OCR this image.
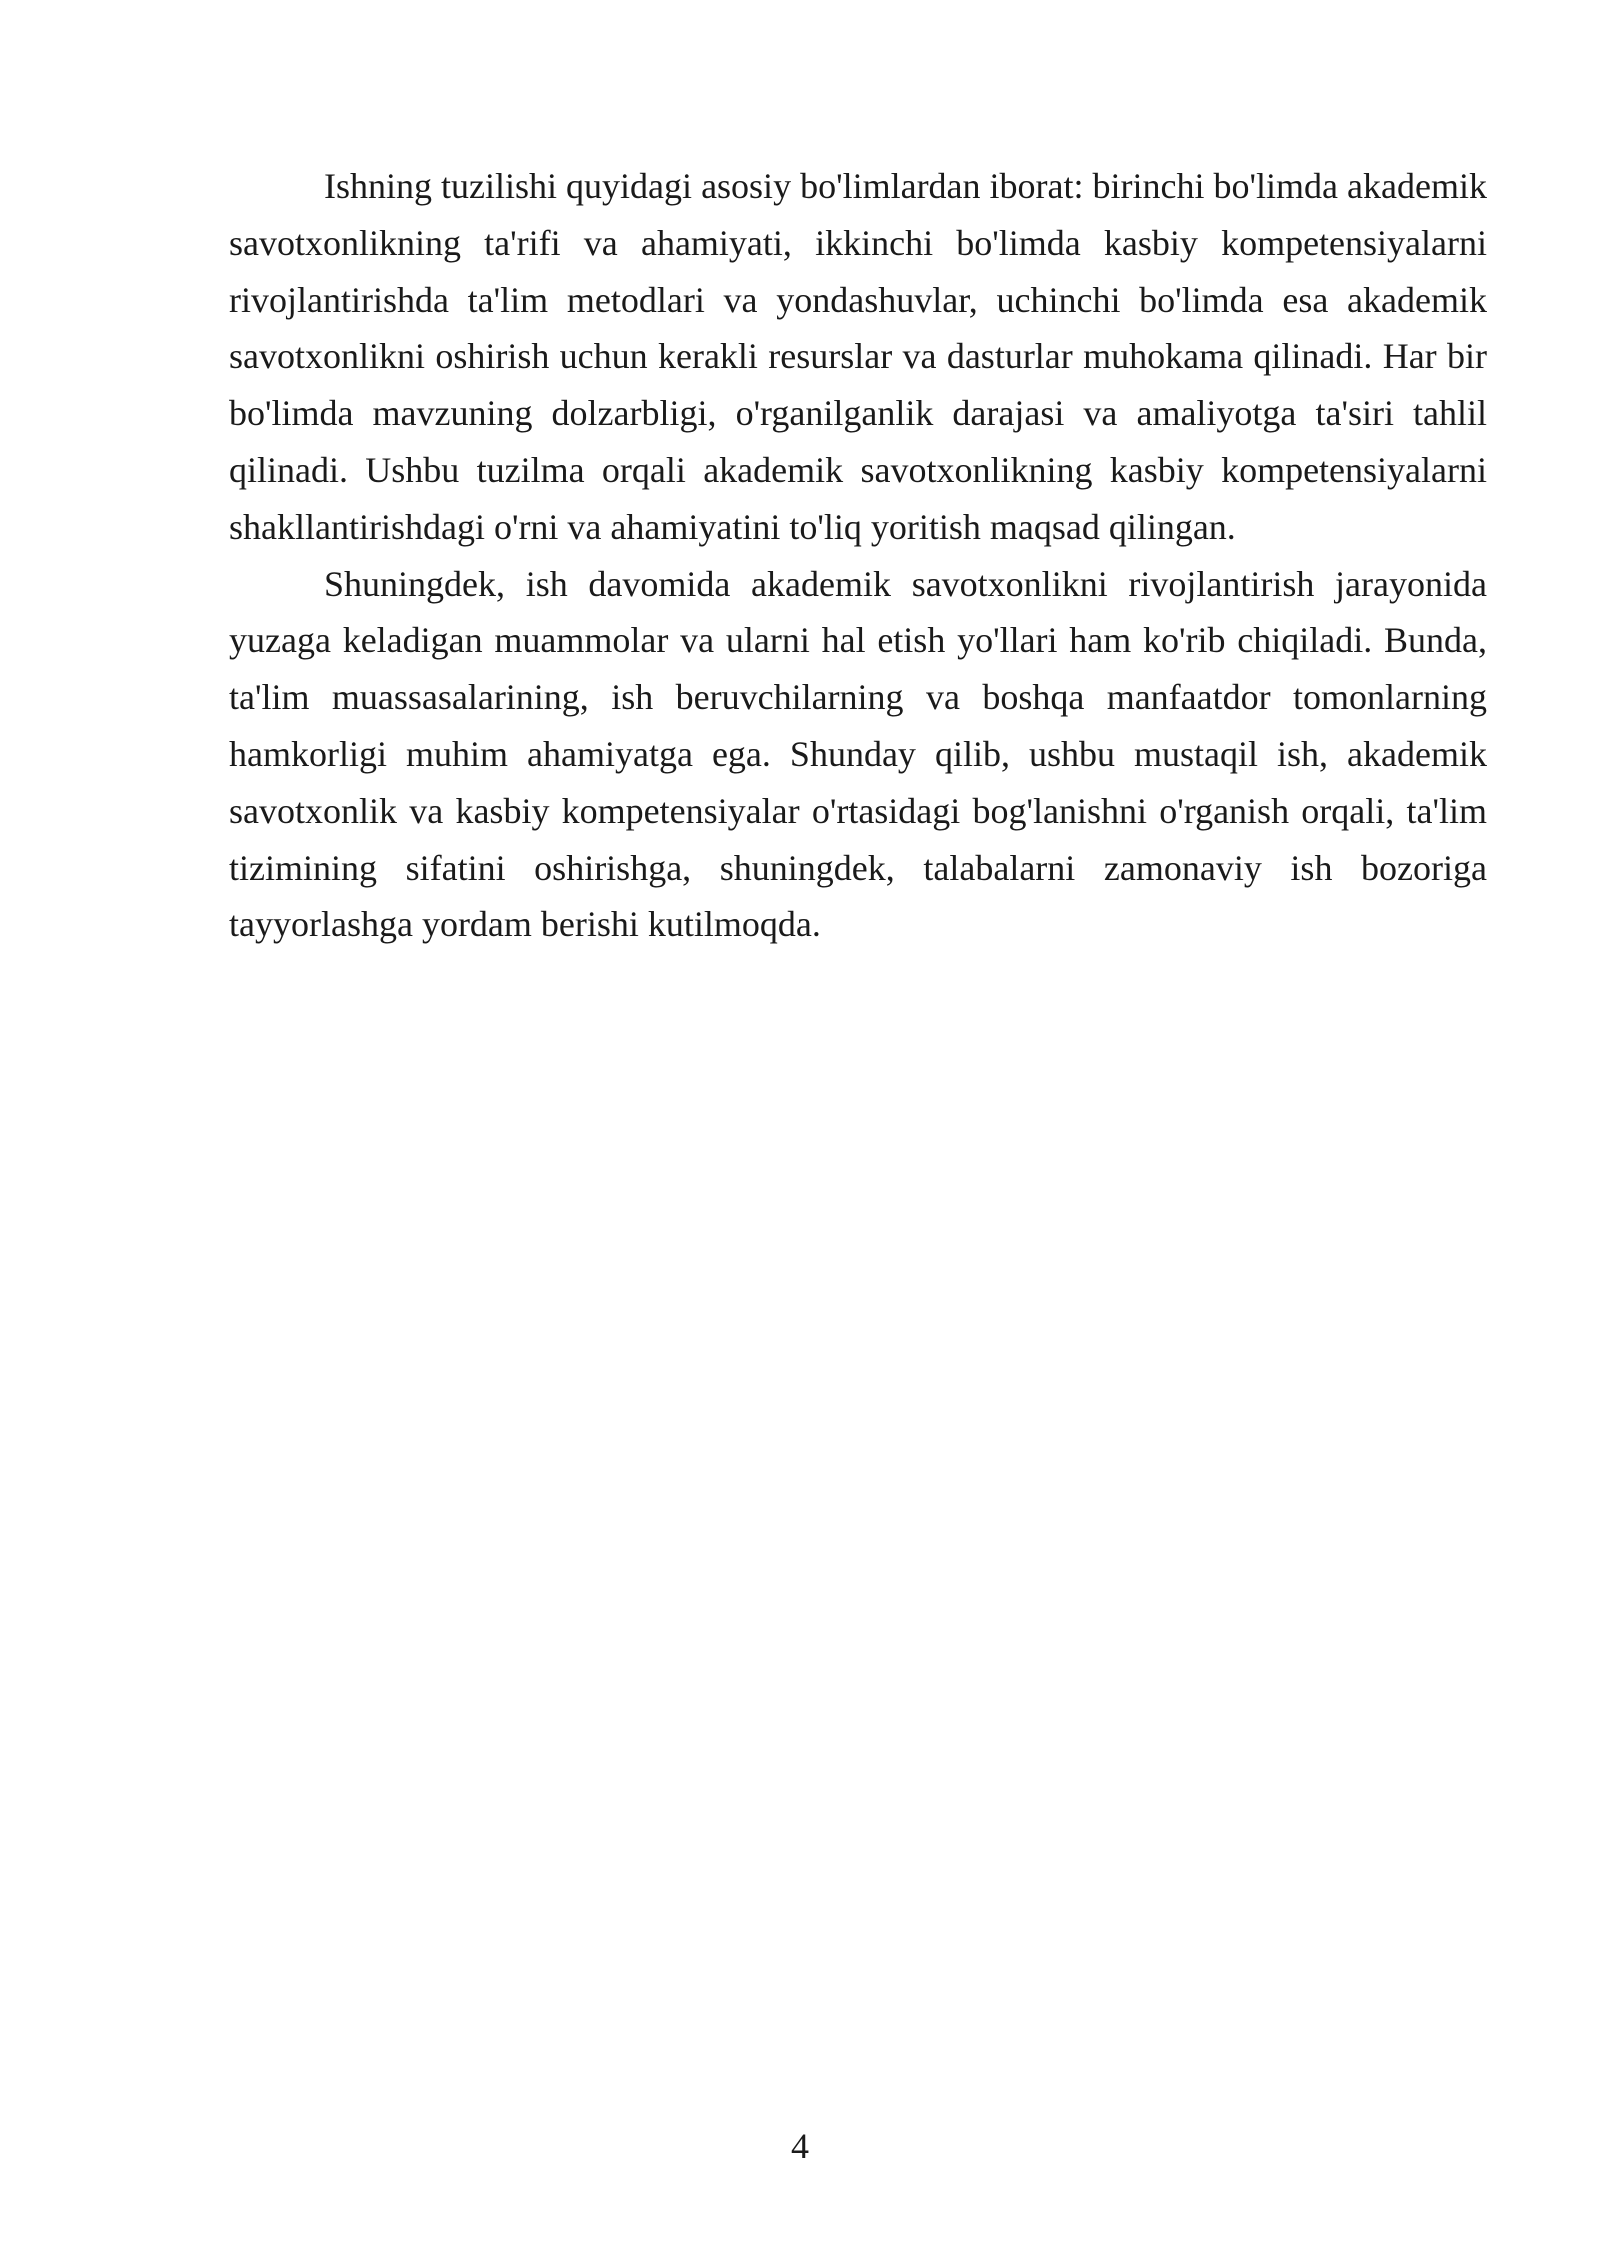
Ishning tuzilishi quyidagi asosiy bo'limlardan iborat: birinchi bo'limda akademik savotxonlikning ta'rifi va ahamiyati, ikkinchi bo'limda kasbiy kompetensiyalarni rivojlantirishda ta'lim metodlari va yondashuvlar, uchinchi bo'limda esa akademik savotxonlikni oshirish uchun kerakli resurslar va dasturlar muhokama qilinadi. Har bir bo'limda mavzuning dolzarbligi, o'rganilganlik darajasi va amaliyotga ta'siri tahlil qilinadi. Ushbu tuzilma orqali akademik savotxonlikning kasbiy kompetensiyalarni shakllantirishdagi o'rni va ahamiyatini to'liq yoritish maqsad qilingan.

Shuningdek, ish davomida akademik savotxonlikni rivojlantirish jarayonida yuzaga keladigan muammolar va ularni hal etish yo'llari ham ko'rib chiqiladi. Bunda, ta'lim muassasalarining, ish beruvchilarning va boshqa manfaatdor tomonlarning hamkorligi muhim ahamiyatga ega. Shunday qilib, ushbu mustaqil ish, akademik savotxonlik va kasbiy kompetensiyalar o'rtasidagi bog'lanishni o'rganish orqali, ta'lim tizimining sifatini oshirishga, shuningdek, talabalarni zamonaviy ish bozoriga tayyorlashga yordam berishi kutilmoqda.

4
